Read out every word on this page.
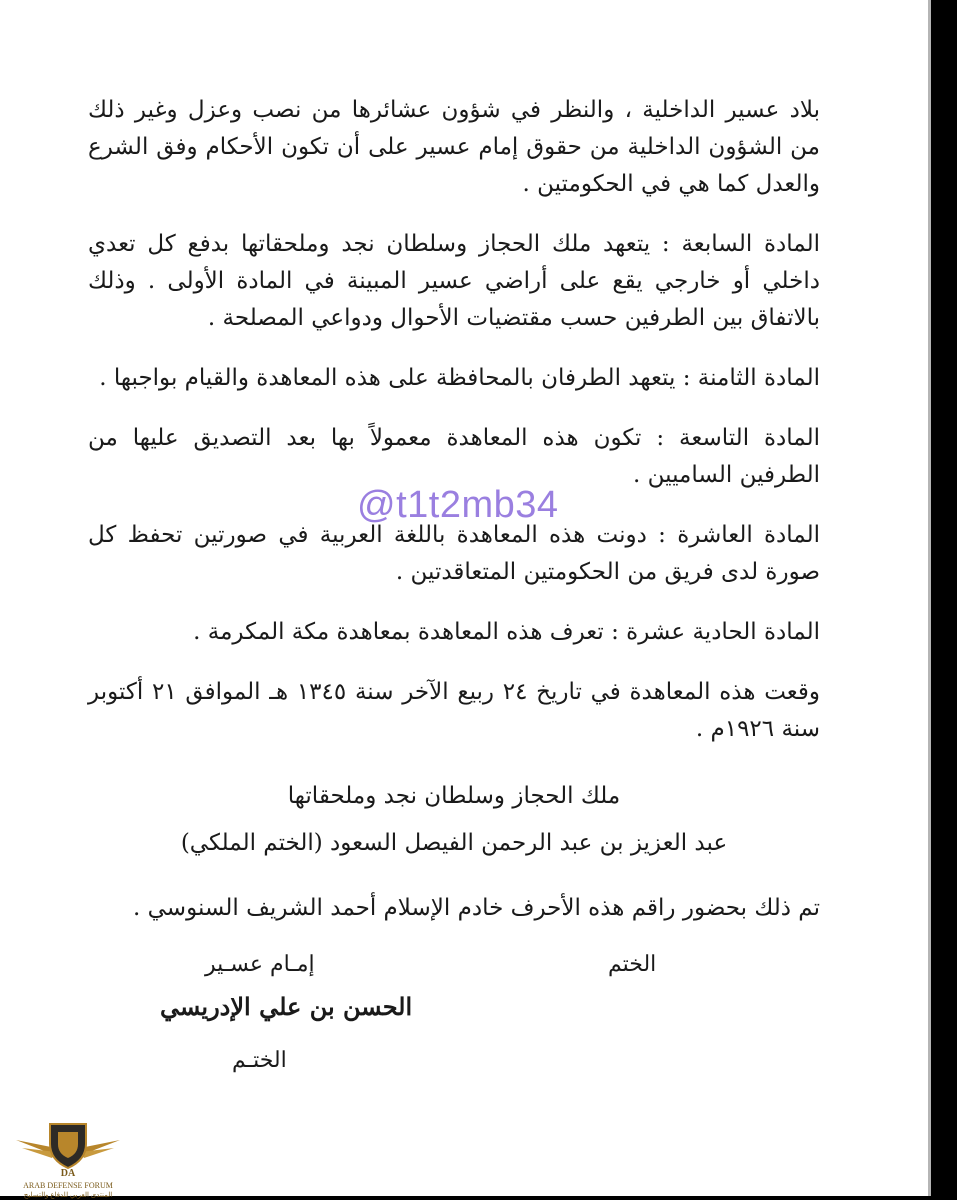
بلاد عسير الداخلية ، والنظر في شؤون عشائرها من نصب وعزل وغير ذلك من الشؤون الداخلية من حقوق إمام عسير على أن تكون الأحكام وفق الشرع والعدل كما هي في الحكومتين .

المادة السابعة : يتعهد ملك الحجاز وسلطان نجد وملحقاتها بدفع كل تعدي داخلي أو خارجي يقع على أراضي عسير المبينة في المادة الأولى . وذلك بالاتفاق بين الطرفين حسب مقتضيات الأحوال ودواعي المصلحة .

المادة الثامنة : يتعهد الطرفان بالمحافظة على هذه المعاهدة والقيام بواجبها .

المادة التاسعة : تكون هذه المعاهدة معمولاً بها بعد التصديق عليها من الطرفين الساميين .

المادة العاشرة : دونت هذه المعاهدة باللغة العربية في صورتين تحفظ كل صورة لدى فريق من الحكومتين المتعاقدتين .

المادة الحادية عشرة : تعرف هذه المعاهدة بمعاهدة مكة المكرمة .

وقعت هذه المعاهدة في تاريخ ٢٤ ربيع الآخر سنة ١٣٤٥ هـ الموافق ٢١ أكتوبر سنة ١٩٢٦م .

ملك الحجاز وسلطان نجد وملحقاتها

عبد العزيز بن عبد الرحمن الفيصل السعود (الختم الملكي)

تم ذلك بحضور راقم هذه الأحرف خادم الإسلام أحمد الشريف السنوسي .

@t1t2mb34
الختم
إمـام عسـير
الحسن بن علي الإدريسي
الختـم
DA
ARAB DEFENSE FORUM
المنتدى العربي للدفاع والتسليح
